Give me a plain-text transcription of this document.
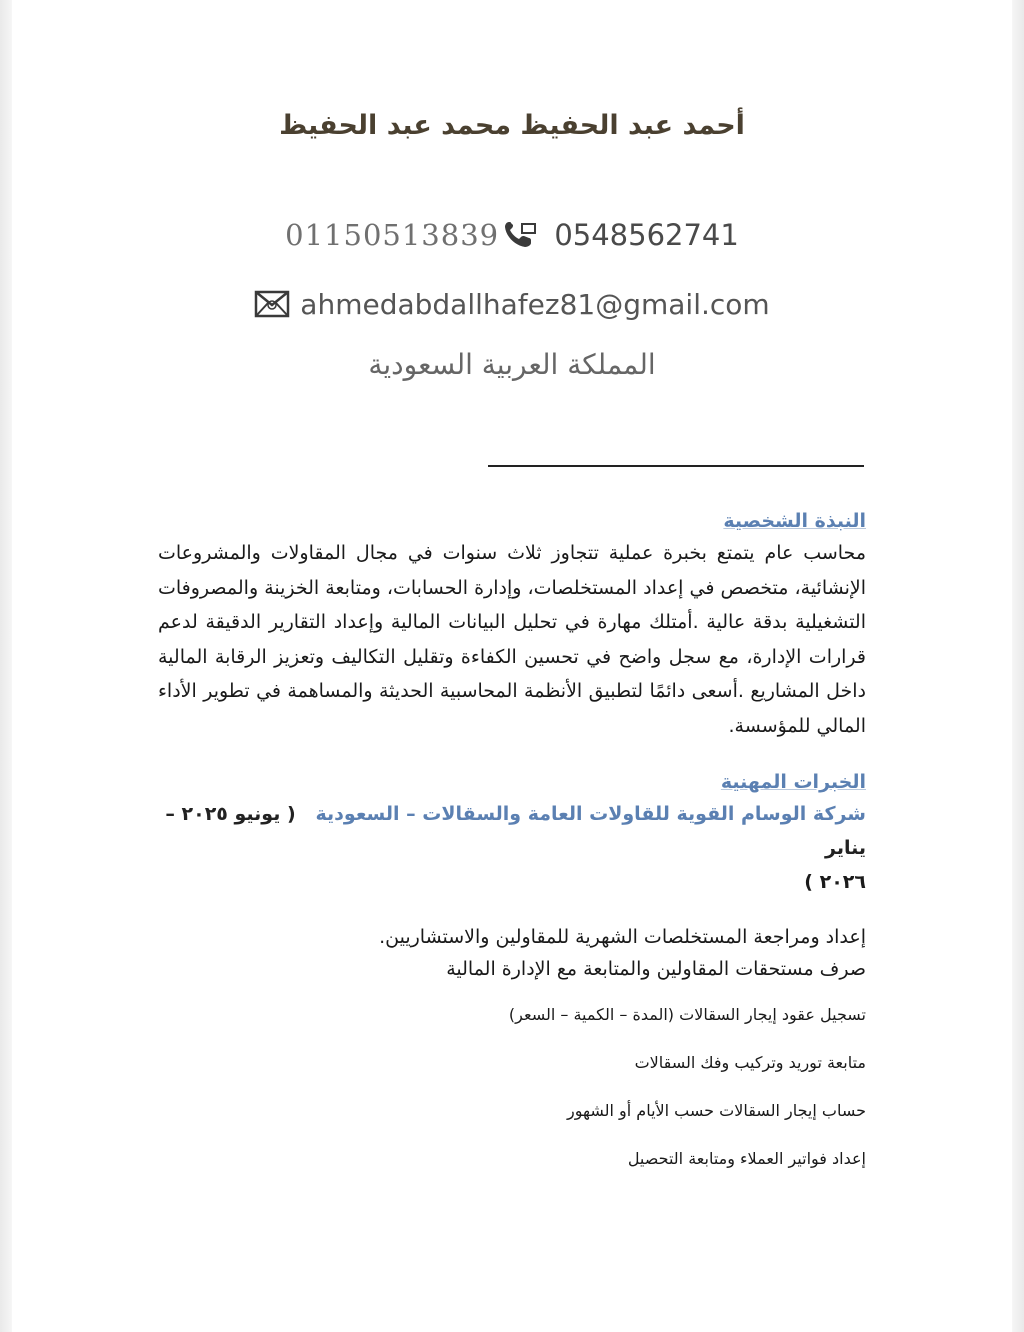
أحمد عبد الحفيظ محمد عبد الحفيظ
01150513839 0548562741
ahmedabdallhafez81@gmail.com
المملكة العربية السعودية

النبذة الشخصية

محاسب عام يتمتع بخبرة عملية تتجاوز ثلاث سنوات في مجال المقاولات والمشروعات الإنشائية، متخصص في إعداد المستخلصات، وإدارة الحسابات، ومتابعة الخزينة والمصروفات التشغيلية بدقة عالية .أمتلك مهارة في تحليل البيانات المالية وإعداد التقارير الدقيقة لدعم قرارات الإدارة، مع سجل واضح في تحسين الكفاءة وتقليل التكاليف وتعزيز الرقابة المالية داخل المشاريع .أسعى دائمًا لتطبيق الأنظمة المحاسبية الحديثة والمساهمة في تطوير الأداء المالي للمؤسسة.

الخبرات المهنية

شركة الوسام القوية للقاولات العامة والسقالات – السعودية   ( يونيو ٢٠٢٥ – يناير

٢٠٢٦ )

إعداد ومراجعة المستخلصات الشهرية للمقاولين والاستشاريين.

صرف مستحقات المقاولين والمتابعة مع الإدارة المالية

تسجيل عقود إيجار السقالات (المدة – الكمية – السعر)

متابعة توريد وتركيب وفك السقالات

حساب إيجار السقالات حسب الأيام أو الشهور

إعداد فواتير العملاء ومتابعة التحصيل
